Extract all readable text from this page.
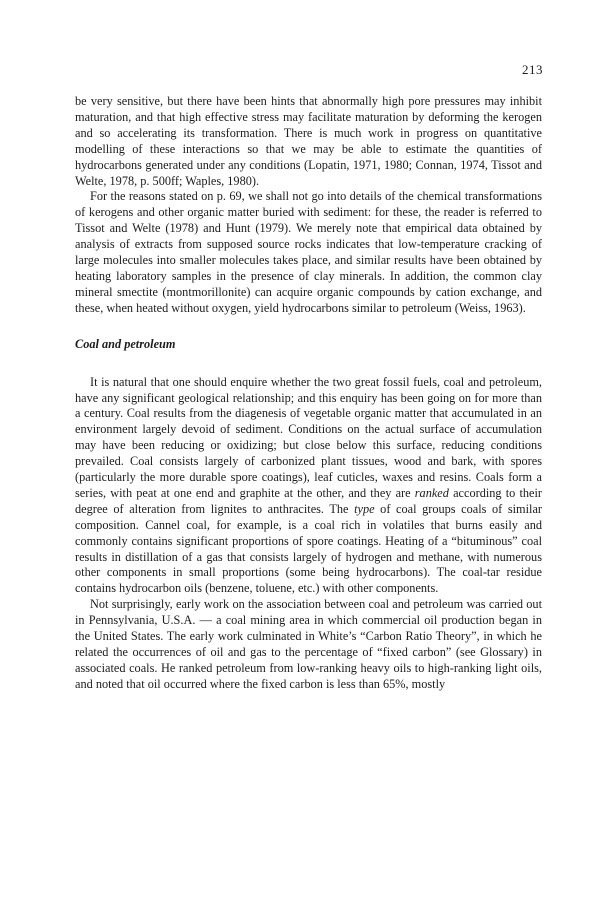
213

be very sensitive, but there have been hints that abnormally high pore pressures may inhibit maturation, and that high effective stress may facilitate maturation by deforming the kerogen and so accelerating its transformation. There is much work in progress on quantitative modelling of these interactions so that we may be able to estimate the quantities of hydrocarbons generated under any conditions (Lopatin, 1971, 1980; Connan, 1974, Tissot and Welte, 1978, p. 500ff; Waples, 1980).

For the reasons stated on p. 69, we shall not go into details of the chemical transformations of kerogens and other organic matter buried with sediment: for these, the reader is referred to Tissot and Welte (1978) and Hunt (1979). We merely note that empirical data obtained by analysis of extracts from supposed source rocks indicates that low-temperature cracking of large molecules into smaller molecules takes place, and similar results have been obtained by heating laboratory samples in the presence of clay minerals. In addition, the common clay mineral smectite (montmorillonite) can acquire organic compounds by cation exchange, and these, when heated without oxygen, yield hydrocarbons similar to petroleum (Weiss, 1963).

Coal and petroleum

It is natural that one should enquire whether the two great fossil fuels, coal and petroleum, have any significant geological relationship; and this enquiry has been going on for more than a century. Coal results from the diagenesis of vegetable organic matter that accumulated in an environment largely devoid of sediment. Conditions on the actual surface of accumulation may have been reducing or oxidizing; but close below this surface, reducing conditions prevailed. Coal consists largely of carbonized plant tissues, wood and bark, with spores (particularly the more durable spore coatings), leaf cuticles, waxes and resins. Coals form a series, with peat at one end and graphite at the other, and they are ranked according to their degree of alteration from lignites to anthracites. The type of coal groups coals of similar composition. Cannel coal, for example, is a coal rich in volatiles that burns easily and commonly contains significant proportions of spore coatings. Heating of a “bituminous” coal results in distillation of a gas that consists largely of hydrogen and methane, with numerous other components in small proportions (some being hydrocarbons). The coal-tar residue contains hydrocarbon oils (benzene, toluene, etc.) with other components.

Not surprisingly, early work on the association between coal and petroleum was carried out in Pennsylvania, U.S.A. — a coal mining area in which commercial oil production began in the United States. The early work culminated in White’s “Carbon Ratio Theory”, in which he related the occurrences of oil and gas to the percentage of “fixed carbon” (see Glossary) in associated coals. He ranked petroleum from low-ranking heavy oils to high-ranking light oils, and noted that oil occurred where the fixed carbon is less than 65%, mostly
